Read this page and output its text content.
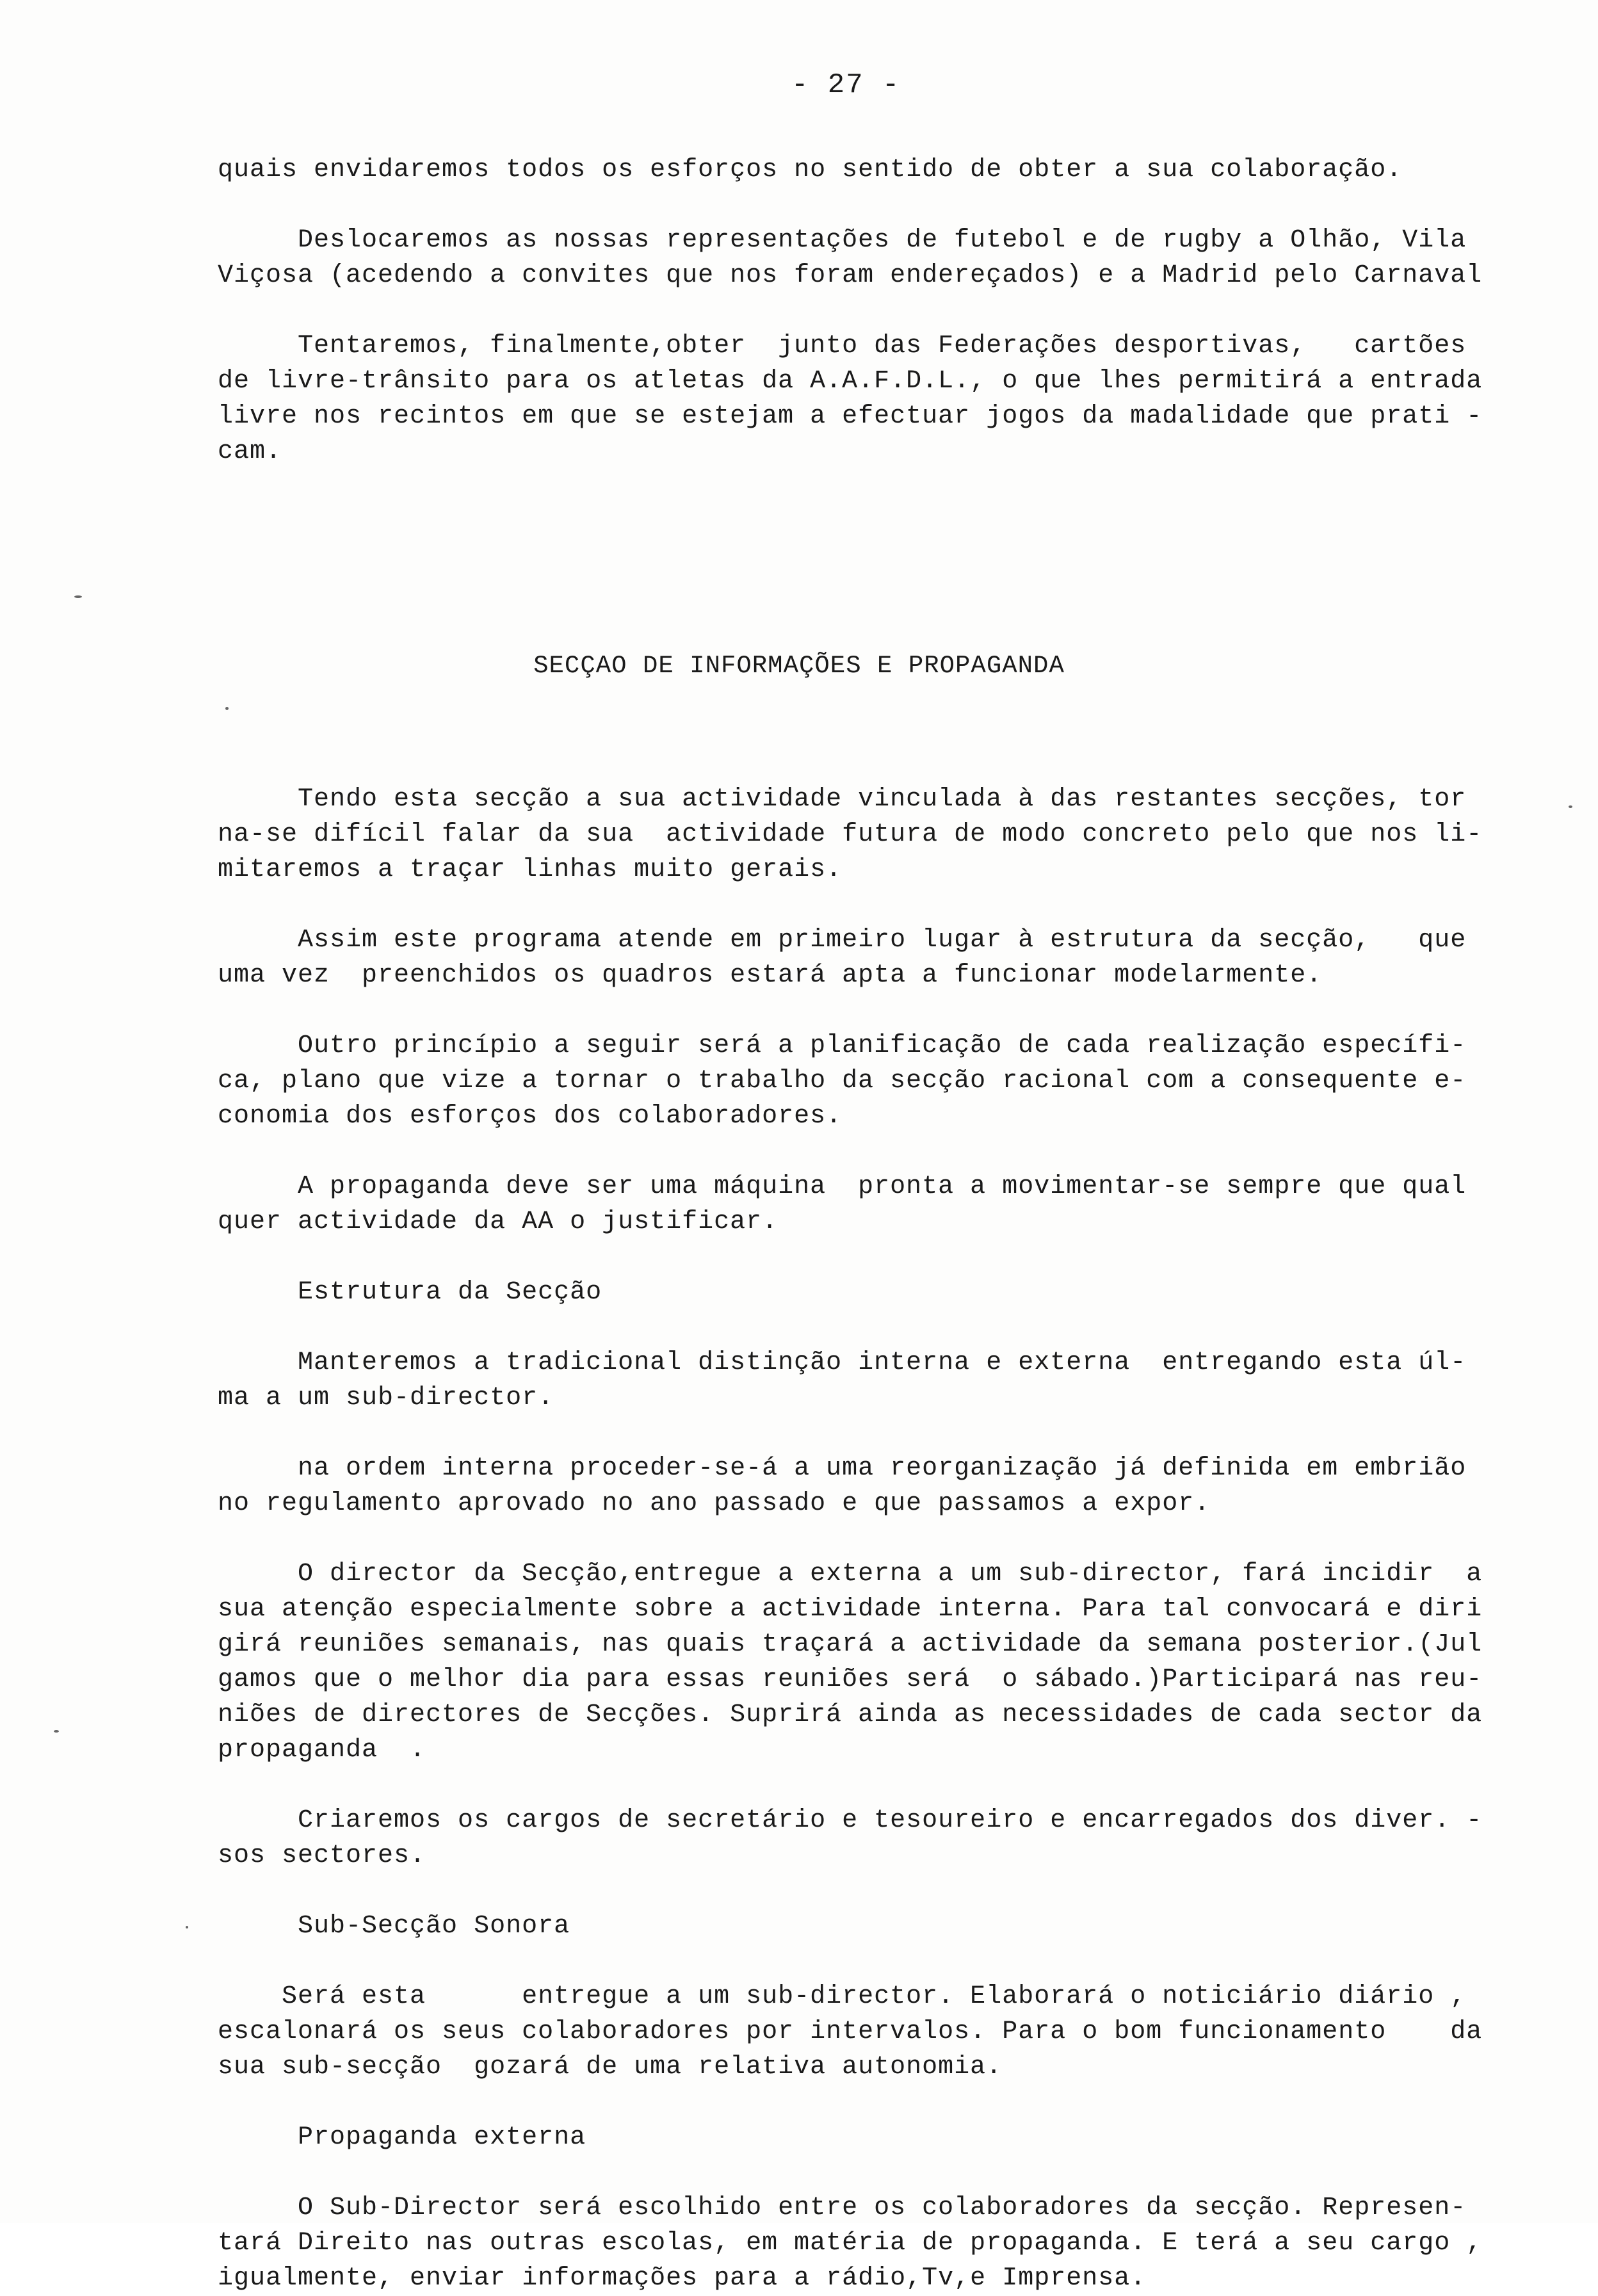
- 27 -
quais envidaremos todos os esforços no sentido de obter a sua colaboração.

Deslocaremos as nossas representações de futebol e de rugby a Olhão, Vila
Viçosa (acedendo a convites que nos foram endereçados) e a Madrid pelo Carnaval

Tentaremos, finalmente,obter  junto das Federações desportivas,   cartões
de livre-trânsito para os atletas da A.A.F.D.L., o que lhes permitirá a entrada
livre nos recintos em que se estejam a efectuar jogos da madalidade que prati -
cam.
SECÇAO DE INFORMAÇÕES E PROPAGANDA
Tendo esta secção a sua actividade vinculada à das restantes secções, tor
na-se difícil falar da sua  actividade futura de modo concreto pelo que nos li-
mitaremos a traçar linhas muito gerais.

Assim este programa atende em primeiro lugar à estrutura da secção,   que
uma vez  preenchidos os quadros estará apta a funcionar modelarmente.

Outro princípio a seguir será a planificação de cada realização específi-
ca, plano que vize a tornar o trabalho da secção racional com a consequente e-
conomia dos esforços dos colaboradores.

A propaganda deve ser uma máquina  pronta a movimentar-se sempre que qual
quer actividade da AA o justificar.

Estrutura da Secção

Manteremos a tradicional distinção interna e externa  entregando esta úl-
ma a um sub-director.

na ordem interna proceder-se-á a uma reorganização já definida em embrião
no regulamento aprovado no ano passado e que passamos a expor.

O director da Secção,entregue a externa a um sub-director, fará incidir  a
sua atenção especialmente sobre a actividade interna. Para tal convocará e diri
girá reuniões semanais, nas quais traçará a actividade da semana posterior.(Jul
gamos que o melhor dia para essas reuniões será  o sábado.)Participará nas reu-
niões de directores de Secções. Suprirá ainda as necessidades de cada sector da
propaganda  .

Criaremos os cargos de secretário e tesoureiro e encarregados dos diver. -
sos sectores.

Sub-Secção Sonora

Será esta      entregue a um sub-director. Elaborará o noticiário diário ,
escalonará os seus colaboradores por intervalos. Para o bom funcionamento    da
sua sub-secção  gozará de uma relativa autonomia.

Propaganda externa

O Sub-Director será escolhido entre os colaboradores da secção. Represen-
tará Direito nas outras escolas, em matéria de propaganda. E terá a seu cargo ,
igualmente, enviar informações para a rádio,Tv,e Imprensa.
